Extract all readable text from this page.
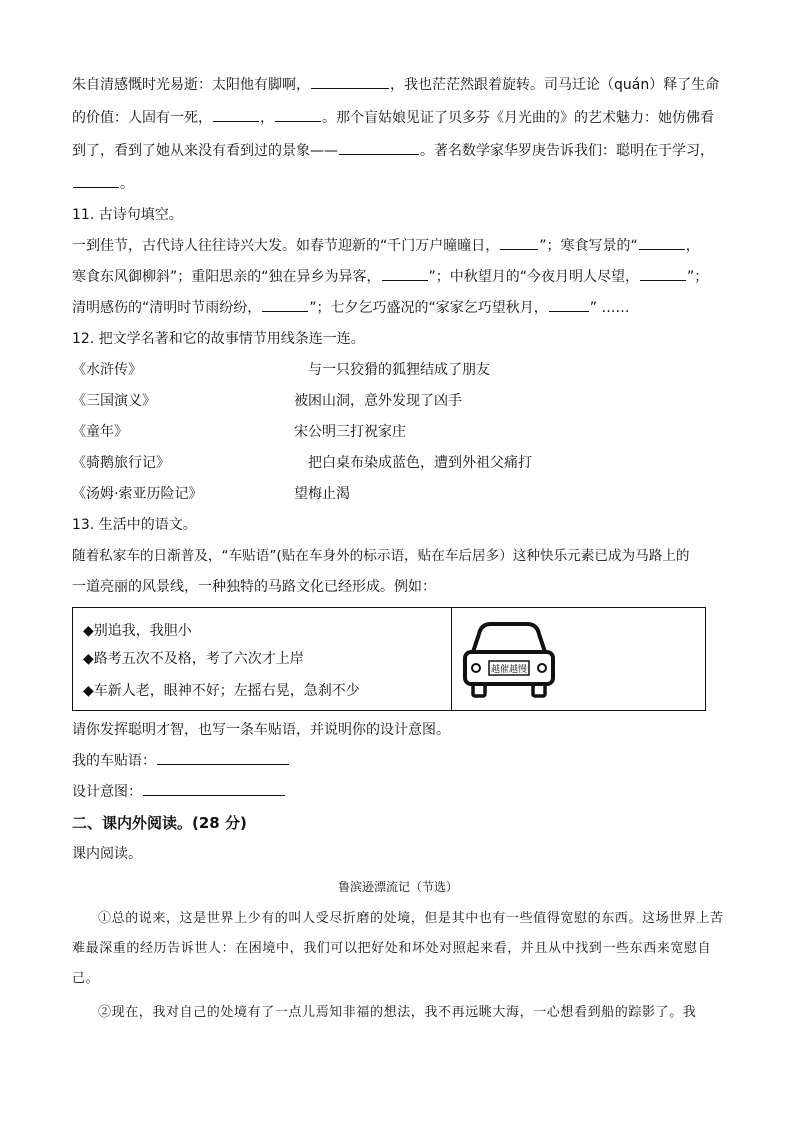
朱自清感慨时光易逝：太阳他有脚啊，	，我也茫茫然跟着旋转。司马迁论（quán）释了生命
的价值：人固有一死，	，	。那个盲姑娘见证了贝多芬《月光曲的》的艺术魅力：她仿佛看
到了，看到了她从来没有看到过的景象——	。著名数学家华罗庚告诉我们：聪明在于学习，
。
11. 古诗句填空。
一到佳节，古代诗人往往诗兴大发。如春节迎新的“千门万户曈曈日，	”；寒食写景的“	，
寒食东风御柳斜”；重阳思亲的“独在异乡为异客，	”；中秋望月的“今夜月明人尽望，	”；
清明感伤的“清明时节雨纷纷，	”；七夕乞巧盛况的“家家乞巧望秋月，	” ……
12. 把文学名著和它的故事情节用线条连一连。
《水浒传》	与一只狡猾的狐狸结成了朋友
《三国演义》	被困山洞，意外发现了凶手
《童年》	宋公明三打祝家庄
《骑鹅旅行记》	把白桌布染成蓝色，遭到外祖父痛打
《汤姆·索亚历险记》	望梅止渴
13. 生活中的语文。
随着私家车的日渐普及，“车贴语”(贴在车身外的标示语，贴在车后居多）这种快乐元素已成为马路上的
一道亮丽的风景线，一种独特的马路文化已经形成。例如：
◆别追我，我胆小
◆路考五次不及格，考了六次才上岸
◆车新人老，眼神不好；左摇右晃，急刹不少
越催越慢
请你发挥聪明才智，也写一条车贴语，并说明你的设计意图。
我的车贴语：
设计意图：
二、课内外阅读。(28 分)
课内阅读。
鲁滨逊漂流记（节选）
①总的说来，这是世界上少有的叫人受尽折磨的处境，但是其中也有一些值得宽慰的东西。这场世界上苦难最深重的经历告诉世人：在困境中，我们可以把好处和坏处对照起来看，并且从中找到一些东西来宽慰自己。
②现在，我对自己的处境有了一点儿焉知非福的想法，我不再远眺大海，一心想看到船的踪影了。我
